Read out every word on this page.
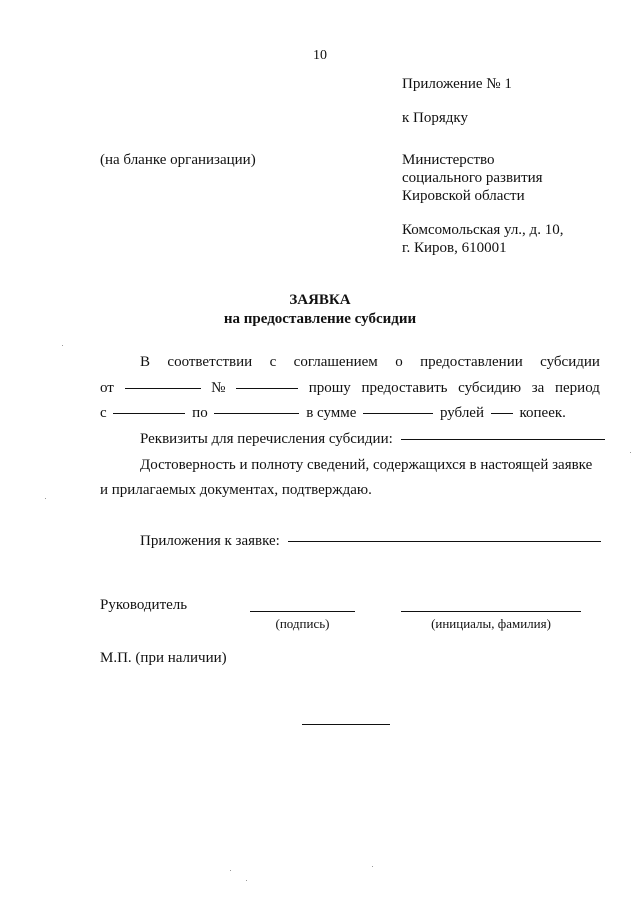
10
Приложение № 1
к Порядку
(на бланке организации)	Министерство
социального развития
Кировской области
Комсомольская ул., д. 10,
г. Киров, 610001
ЗАЯВКА
на предоставление субсидии
В соответствии с соглашением о предоставлении субсидии
от	№	прошу предоставить субсидию за период
с	по	в сумме	рублей копеек.
Реквизиты для перечисления субсидии:
Достоверность и полноту сведений, содержащихся в настоящей заявке
и прилагаемых документах, подтверждаю.
Приложения к заявке:
Руководитель
(подпись)	(инициалы, фамилия)
М.П. (при наличии)
